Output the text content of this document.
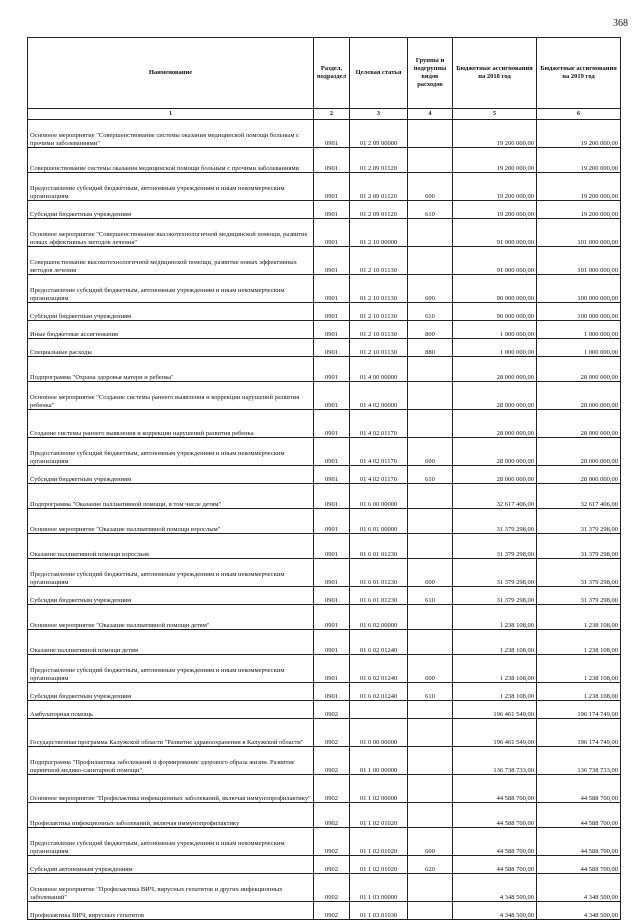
368
Наименование	Раздел, подраздел	Целевая статья	Группы и подгруппы видов расходов	Бюджетные ассигнования на 2018 год	Бюджетные ассигнования на 2019 год
1	2	3	4	5	6
Основное мероприятие "Совершенствование системы оказания медицинской помощи больным с прочими заболеваниями"	0901	01 2 09 00000		19 200 000,00	19 200 000,00
Совершенствование системы оказания медицинской помощи больным с прочими заболеваниями	0901	01 2 09 01120		19 200 000,00	19 200 000,00
Предоставление субсидий бюджетным, автономным учреждениям и иным некоммерческим организациям	0901	01 2 09 01120	600	19 200 000,00	19 200 000,00
Субсидии бюджетным учреждениям	0901	01 2 09 01120	610	19 200 000,00	19 200 000,00
Основное мероприятие "Совершенствование высокотехнологичной медицинской помощи, развитие новых эффективных методов лечения"	0901	01 2 10 00000		91 000 000,00	101 000 000,00
Совершенствование высокотехнологичной медицинской помощи, развитие новых эффективных методов лечения	0901	01 2 10 01130		91 000 000,00	101 000 000,00
Предоставление субсидий бюджетным, автономным учреждениям и иным некоммерческим организациям	0901	01 2 10 01130	600	90 000 000,00	100 000 000,00
Субсидии бюджетным учреждениям	0901	01 2 10 01130	610	90 000 000,00	100 000 000,00
Иные бюджетные ассигнования	0901	01 2 10 01130	800	1 000 000,00	1 000 000,00
Специальные расходы	0901	01 2 10 01130	880	1 000 000,00	1 000 000,00
Подпрограмма "Охрана здоровья матери и ребенка"	0901	01 4 00 00000		28 000 000,00	28 000 000,00
Основное мероприятие "Создание системы раннего выявления и коррекции нарушений развития ребенка"	0901	01 4 02 00000		28 000 000,00	28 000 000,00
Создание системы раннего выявления и коррекции нарушений развития ребенка	0901	01 4 02 01170		28 000 000,00	28 000 000,00
Предоставление субсидий бюджетным, автономным учреждениям и иным некоммерческим организациям	0901	01 4 02 01170	600	28 000 000,00	28 000 000,00
Субсидии бюджетным учреждениям	0901	01 4 02 01170	610	28 000 000,00	28 000 000,00
Подпрограмма "Оказание паллиативной помощи, в том числе детям"	0901	01 6 00 00000		32 617 406,00	32 617 406,00
Основное мероприятие "Оказание паллиативной помощи взрослым"	0901	01 6 01 00000		31 379 298,00	31 379 298,00
Оказание паллиативной помощи взрослым	0901	01 6 01 01230		31 379 298,00	31 379 298,00
Предоставление субсидий бюджетным, автономным учреждениям и иным некоммерческим организациям	0901	01 6 01 01230	600	31 379 298,00	31 379 298,00
Субсидии бюджетным учреждениям	0901	01 6 01 01230	610	31 379 298,00	31 379 298,00
Основное мероприятие "Оказание паллиативной помощи детям"	0901	01 6 02 00000		1 238 108,00	1 238 108,00
Оказание паллиативной помощи детям	0901	01 6 02 01240		1 238 108,00	1 238 108,00
Предоставление субсидий бюджетным, автономным учреждениям и иным некоммерческим организациям	0901	01 6 02 01240	600	1 238 108,00	1 238 108,00
Субсидии бюджетным учреждениям	0901	01 6 02 01240	610	1 238 108,00	1 238 108,00
Амбулаторная помощь	0902			196 461 549,00	196 174 749,00
Государственная программа Калужской области "Развитие здравоохранения в Калужской области"	0902	01 0 00 00000		196 461 549,00	196 174 749,00
Подпрограмма "Профилактика заболеваний и формирование здорового образа жизни. Развитие первичной медико-санитарной помощи"	0902	01 1 00 00000		136 738 733,00	136 738 733,00
Основное мероприятие "Профилактика инфекционных заболеваний, включая иммунопрофилактику"	0902	01 1 02 00000		44 588 700,00	44 588 700,00
Профилактика инфекционных заболеваний, включая иммунопрофилактику	0902	01 1 02 01020		44 588 700,00	44 588 700,00
Предоставление субсидий бюджетным, автономным учреждениям и иным некоммерческим организациям	0902	01 1 02 01020	600	44 588 700,00	44 588 700,00
Субсидии автономным учреждениям	0902	01 1 02 01020	620	44 588 700,00	44 588 700,00
Основное мероприятие "Профилактика ВИЧ, вирусных гепатитов и других инфекционных заболеваний"	0902	01 1 03 00000		4 348 500,00	4 348 500,00
Профилактика ВИЧ, вирусных гепатитов	0902	01 1 03 01030		4 348 500,00	4 348 500,00
